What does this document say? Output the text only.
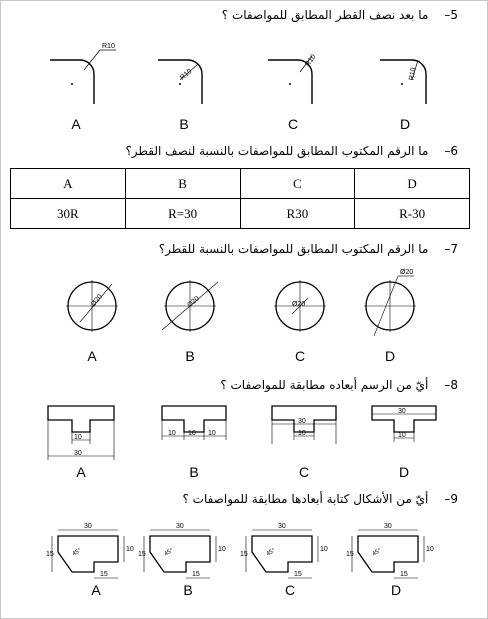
5–ما بعد نصف القطر المطابق للمواصفات ؟
R10
R10
R10
R10
Ø20	Ø20	Ø20
Ø20
10
30
10 10 10
30
10
30
10
30
15
10
15
45°
30
15
10
15
45°
30
15
10
15
45°
30
15
10
15
45°
A	B	C	D
6–ما الرقم المكتوب المطابق للمواصفات بالنسبة لنصف القطر؟
A	B	C	D
30R	R=30	R30	R-30
7–ما الرقم المكتوب المطابق للمواصفات بالنسبة للقطر؟
A	B	C	D
8–أيّ من الرسم أبعاده مطابقة للمواصفات ؟
A	B	C	D
9–أيّ من الأشكال كتابة أبعادها مطابقة للمواصفات ؟
A	B	C	D
